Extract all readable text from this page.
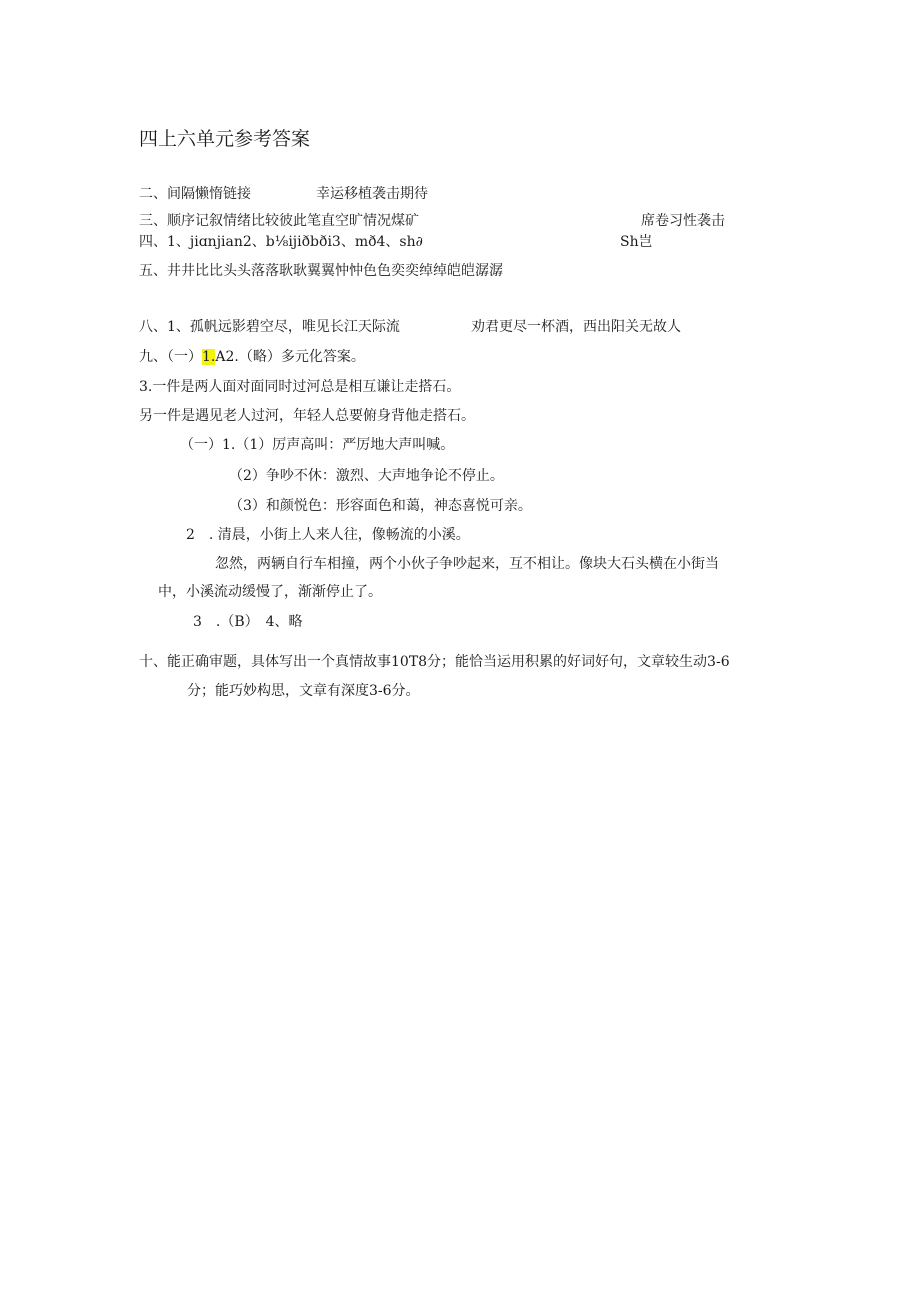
四上六单元参考答案
二、间隔懒惰链接	幸运移植袭击期待
三、顺序记叙情绪比较彼此笔直空旷情况煤矿	席卷习性袭击
四、1、jiɑnjian2、b⅛ijiðbði3、mð4、sh∂	Sh岂
五、井井比比头头落落耿耿翼翼忡忡色色奕奕绰绰皑皑潺潺
八、1、孤帆远影碧空尽，唯见长江天际流	劝君更尽一杯酒，西出阳关无故人
九、（一）1.A2.（略）多元化答案。
3.一件是两人面对面同时过河总是相互谦让走搭石。
另一件是遇见老人过河，年轻人总要俯身背他走搭石。
（一）1.（1）厉声高叫：严厉地大声叫喊。
（2）争吵不休：激烈、大声地争论不停止。
（3）和颜悦色：形容面色和蔼，神态喜悦可亲。
2　. 清晨，小街上人来人往，像畅流的小溪。
忽然，两辆自行车相撞，两个小伙子争吵起来，互不相让。像块大石头横在小街当
中，小溪流动缓慢了，渐渐停止了。
3　.（B）　4、略
十、能正确审题，具体写出一个真情故事10T8分；能恰当运用积累的好词好句，文章较生动3-6
分；能巧妙构思，文章有深度3-6分。
